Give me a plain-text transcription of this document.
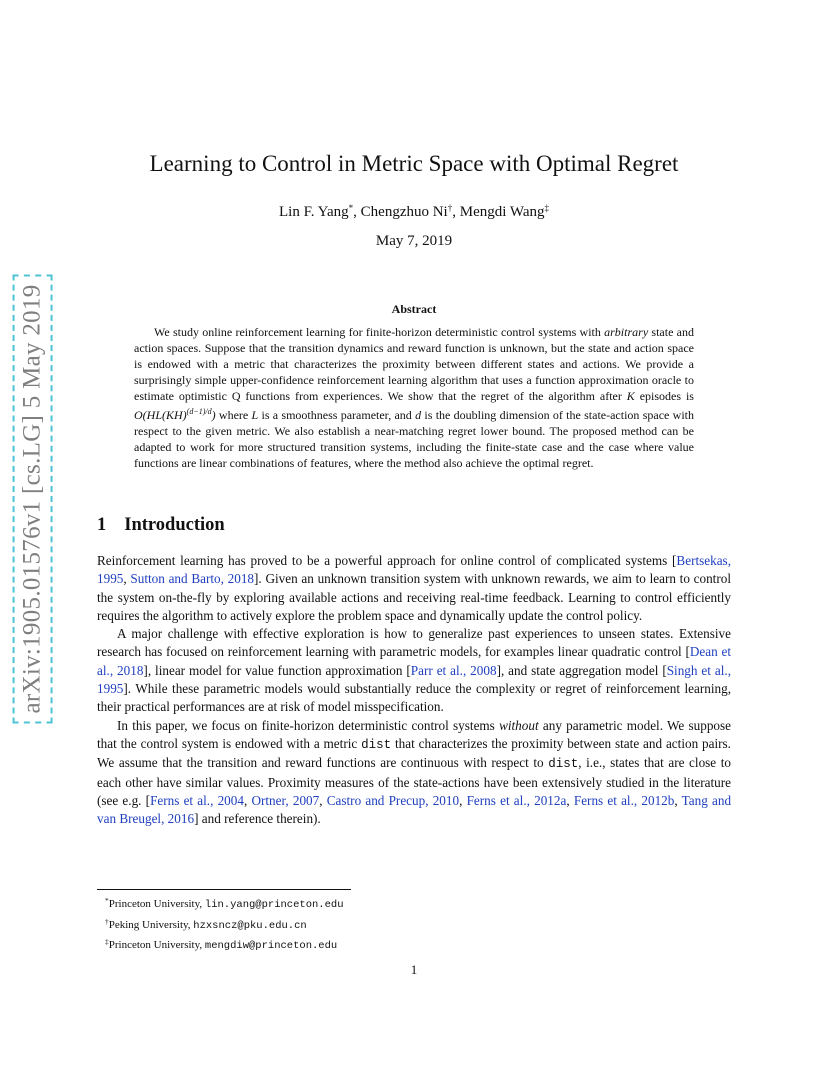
arXiv:1905.01576v1 [cs.LG] 5 May 2019
Learning to Control in Metric Space with Optimal Regret
Lin F. Yang*, Chengzhuo Ni†, Mengdi Wang‡
May 7, 2019
Abstract
We study online reinforcement learning for finite-horizon deterministic control systems with arbitrary state and action spaces. Suppose that the transition dynamics and reward function is unknown, but the state and action space is endowed with a metric that characterizes the proximity between different states and actions. We provide a surprisingly simple upper-confidence reinforcement learning algorithm that uses a function approximation oracle to estimate optimistic Q functions from experiences. We show that the regret of the algorithm after K episodes is O(HL(KH)$^{(d-1)/d}$) where L is a smoothness parameter, and d is the doubling dimension of the state-action space with respect to the given metric. We also establish a near-matching regret lower bound. The proposed method can be adapted to work for more structured transition systems, including the finite-state case and the case where value functions are linear combinations of features, where the method also achieve the optimal regret.
1 Introduction

Reinforcement learning has proved to be a powerful approach for online control of complicated systems [Bertsekas, 1995, Sutton and Barto, 2018]. Given an unknown transition system with unknown rewards, we aim to learn to control the system on-the-fly by exploring available actions and receiving real-time feedback. Learning to control efficiently requires the algorithm to actively explore the problem space and dynamically update the control policy.

A major challenge with effective exploration is how to generalize past experiences to unseen states. Extensive research has focused on reinforcement learning with parametric models, for examples linear quadratic control [Dean et al., 2018], linear model for value function approximation [Parr et al., 2008], and state aggregation model [Singh et al., 1995]. While these parametric models would substantially reduce the complexity or regret of reinforcement learning, their practical performances are at risk of model misspecification.

In this paper, we focus on finite-horizon deterministic control systems without any parametric model. We suppose that the control system is endowed with a metric dist that characterizes the proximity between state and action pairs. We assume that the transition and reward functions are continuous with respect to dist, i.e., states that are close to each other have similar values. Proximity measures of the state-actions have been extensively studied in the literature (see e.g. [Ferns et al., 2004, Ortner, 2007, Castro and Precup, 2010, Ferns et al., 2012a, Ferns et al., 2012b, Tang and van Breugel, 2016] and reference therein).

*Princeton University, lin.yang@princeton.edu
†Peking University, hzxsncz@pku.edu.cn
‡Princeton University, mengdiw@princeton.edu
1
